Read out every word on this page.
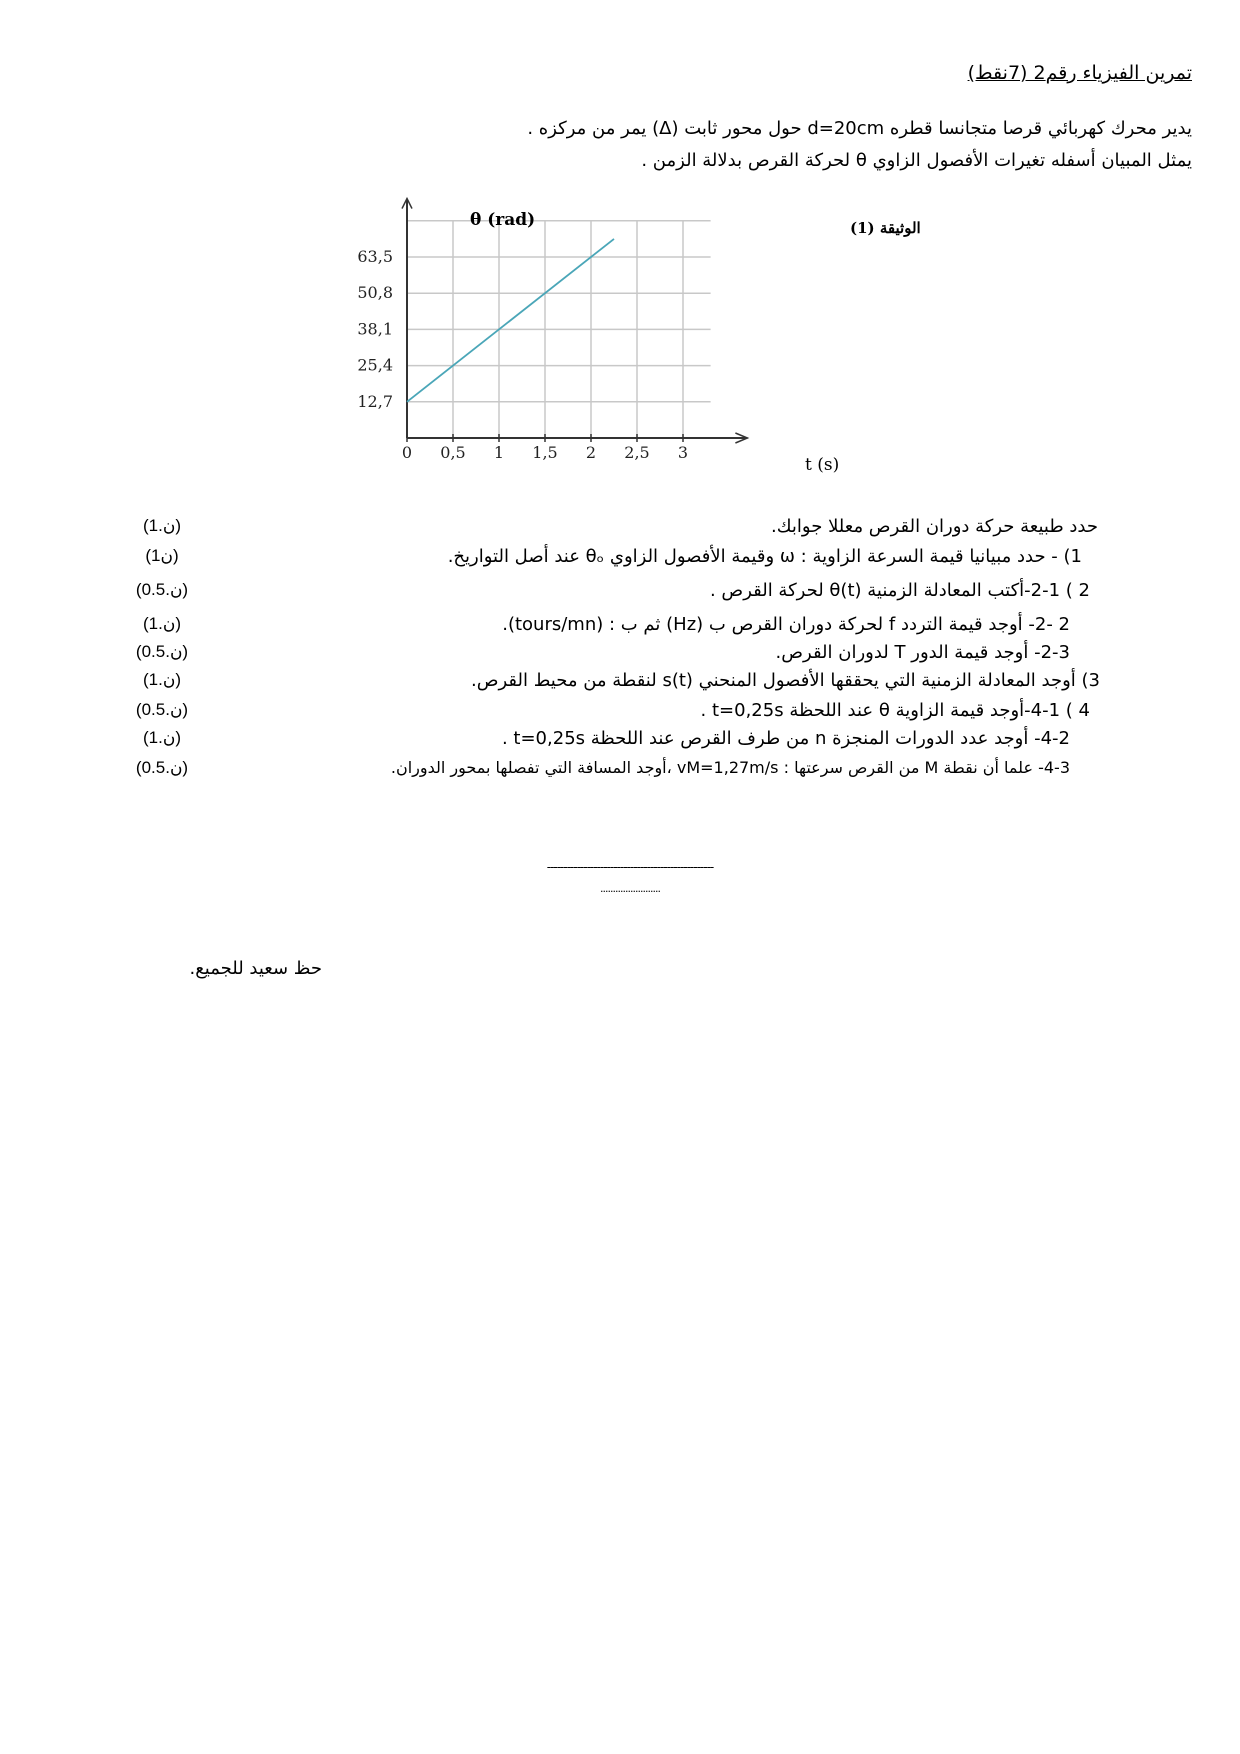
تمرين الفيزياء رقم2 (7نقط)
يدير محرك كهربائي قرصا متجانسا قطره d=20cm حول محور ثابت (Δ) يمر من مركزه .
يمثل المبيان أسفله تغيرات الأفصول الزاوي θ لحركة القرص بدلالة الزمن .
0 0,5 1 1,5 2 2,5 3
12,7
25,4
38,1
50,8
63,5
θ (rad)
t (s)
الوثيقة (1)
حدد طبيعة حركة دوران القرص معللا جوابك.
(1.ن)
1) - حدد مبيانيا قيمة السرعة الزاوية : ω وقيمة الأفصول الزاوي θₒ عند أصل التواريخ.
(1ن)
2 ) 2-1-أكتب المعادلة الزمنية θ(t) لحركة القرص .
(0.5.ن)
2 -2- أوجد قيمة التردد f لحركة دوران القرص ب (Hz) ثم ب : (tours/mn).
(1.ن)
2-3- أوجد قيمة الدور T لدوران القرص.
(0.5.ن)
3) أوجد المعادلة الزمنية التي يحققها الأفصول المنحني s(t) لنقطة من محيط القرص.
(1.ن)
4 ) 4-1-أوجد قيمة الزاوية θ عند اللحظة t=0,25s .
(0.5.ن)
4-2- أوجد عدد الدورات المنجزة n من طرف القرص عند اللحظة t=0,25s .
(1.ن)
4-3- علما أن نقطة M من القرص سرعتها : vM=1,27m/s ،أوجد المسافة التي تفصلها بمحور الدوران.
(0.5.ن)
--------------------------------------------------
........................
حظ سعيد للجميع.
